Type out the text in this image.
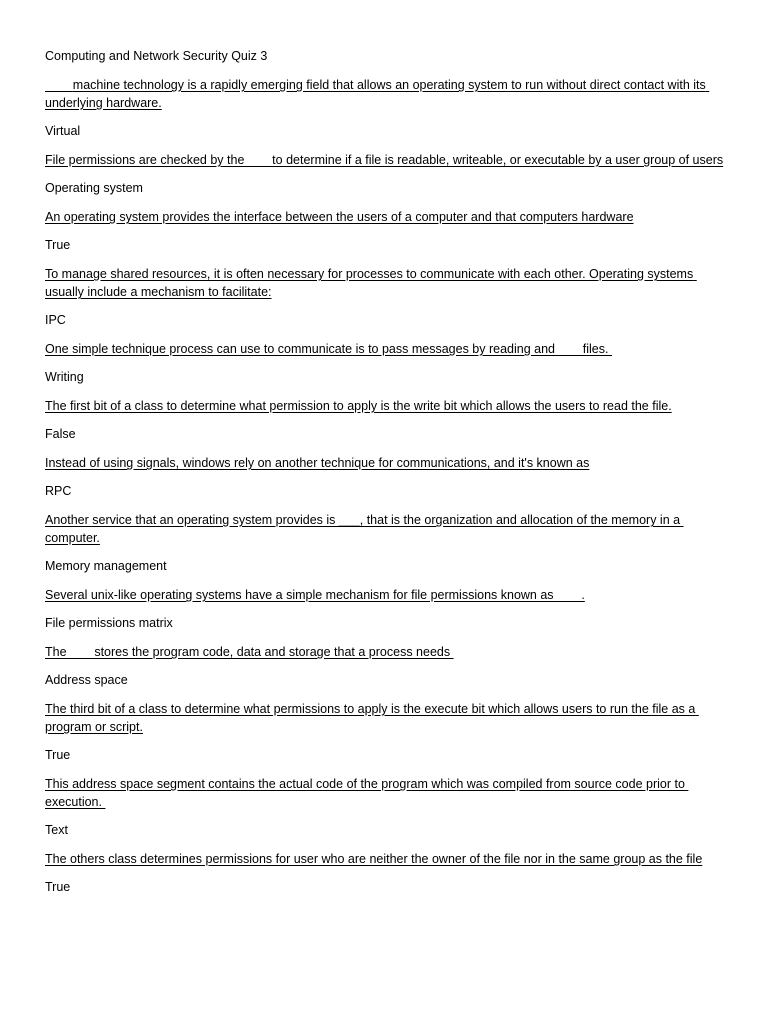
Computing and Network Security Quiz 3
machine technology is a rapidly emerging field that allows an operating system to run without direct contact with its underlying hardware.
Virtual
File permissions are checked by the        to determine if a file is readable, writeable, or executable by a user group of users
Operating system
An operating system provides the interface between the users of a computer and that computers hardware
True
To manage shared resources, it is often necessary for processes to communicate with each other. Operating systems usually include a mechanism to facilitate:
IPC
One simple technique process can use to communicate is to pass messages by reading and        files.
Writing
The first bit of a class to determine what permission to apply is the write bit which allows the users to read the file.
False
Instead of using signals, windows rely on another technique for communications, and it's known as
RPC
Another service that an operating system provides is ___, that is the organization and allocation of the memory in a computer.
Memory management
Several unix-like operating systems have a simple mechanism for file permissions known as        .
File permissions matrix
The        stores the program code, data and storage that a process needs
Address space
The third bit of a class to determine what permissions to apply is the execute bit which allows users to run the file as a program or script.
True
This address space segment contains the actual code of the program which was compiled from source code prior to execution.
Text
The others class determines permissions for user who are neither the owner of the file nor in the same group as the file
True
